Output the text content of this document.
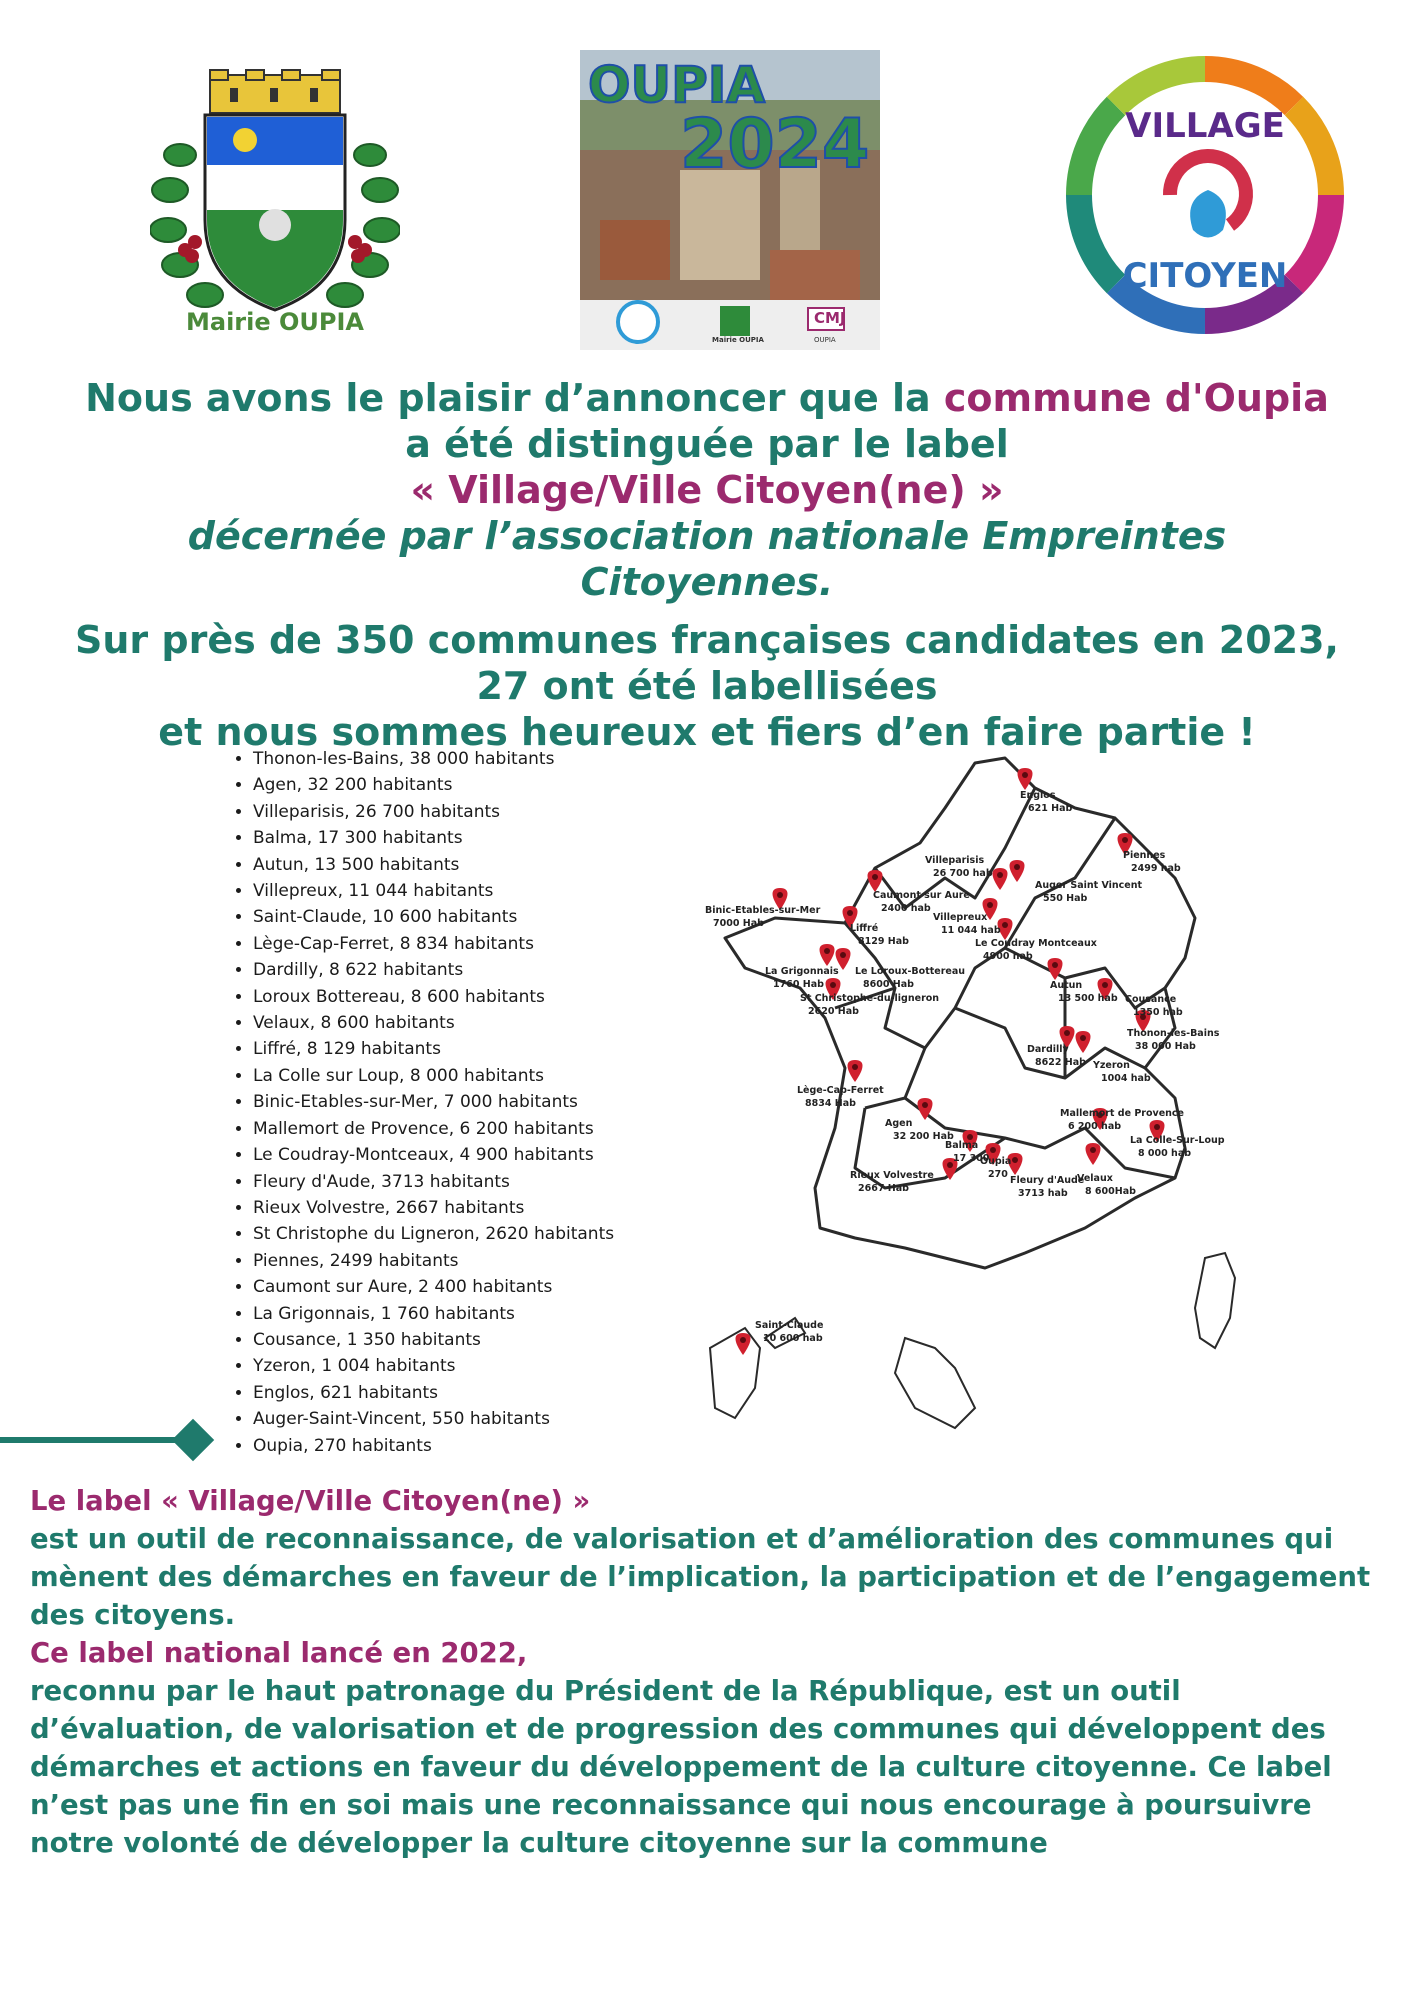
Mairie OUPIA
OUPIA
2024
Mairie OUPIA
CMJ
OUPIA
VILLAGE
CITOYEN

Nous avons le plaisir d’annoncer que la commune d'Oupia

a été distinguée par le label

« Village/Ville Citoyen(ne) »

décernée par l’association nationale Empreintes Citoyennes.

Sur près de 350 communes françaises candidates en 2023,

27 ont été labellisées

et nous sommes heureux et fiers d’en faire partie !

• Thonon-les-Bains, 38 000 habitants
• Agen, 32 200 habitants
• Villeparisis, 26 700 habitants
• Balma, 17 300 habitants
• Autun, 13 500 habitants
• Villepreux, 11 044 habitants
• Saint-Claude, 10 600 habitants
• Lège-Cap-Ferret, 8 834 habitants
• Dardilly, 8 622 habitants
• Loroux Bottereau, 8 600 habitants
• Velaux, 8 600 habitants
• Liffré, 8 129 habitants
• La Colle sur Loup, 8 000 habitants
• Binic-Etables-sur-Mer, 7 000 habitants
• Mallemort de Provence, 6 200 habitants
• Le Coudray-Montceaux, 4 900 habitants
• Fleury d'Aude, 3713 habitants
• Rieux Volvestre, 2667 habitants
• St Christophe du Ligneron, 2620 habitants
• Piennes, 2499 habitants
• Caumont sur Aure, 2 400 habitants
• La Grigonnais, 1 760 habitants
• Cousance, 1 350 habitants
• Yzeron, 1 004 habitants
• Englos, 621 habitants
• Auger-Saint-Vincent, 550 habitants
• Oupia, 270 habitants
Englos
621 Hab
Piennes
2499 hab
Villeparisis
26 700 hab
Auger Saint Vincent
550 Hab
Caumont sur Aure
2400 hab
Binic-Etables-sur-Mer
7000 Hab	Liffré
8129 Hab
Villepreux
11 044 hab
Le Coudray Montceaux
4900 hab
La Grigonnais
1760 Hab
Le Loroux-Bottereau
8600 Hab
St Christophe-du-ligneron
2620 Hab
Autun
13 500 hab Cousance
1350 hab
Thonon-les-Bains
38 000 Hab
Dardilly
8622 Hab Yzeron
1004 hab
Lège-Cap-Ferret
8834 Hab
Agen
32 200 Hab
Mallemort de Provence
6 200 hab
Balma
17 300
Oupia
270
La Colle-Sur-Loup
8 000 hab
Rieux Volvestre
2667 Hab
Fleury d'Aude
3713 hab
Velaux
8 600Hab
Saint-Claude
10 600 hab

Le label « Village/Ville Citoyen(ne) »

est un outil de reconnaissance, de valorisation et d’amélioration des communes qui mènent des démarches en faveur de l’implication, la participation et de l’engagement des citoyens.

Ce label national lancé en 2022,

reconnu par le haut patronage du Président de la République, est un outil d’évaluation, de valorisation et de progression des communes qui développent des démarches et actions en faveur du développement de la culture citoyenne. Ce label n’est pas une fin en soi mais une reconnaissance qui nous encourage à poursuivre notre volonté de développer la culture citoyenne sur la commune
